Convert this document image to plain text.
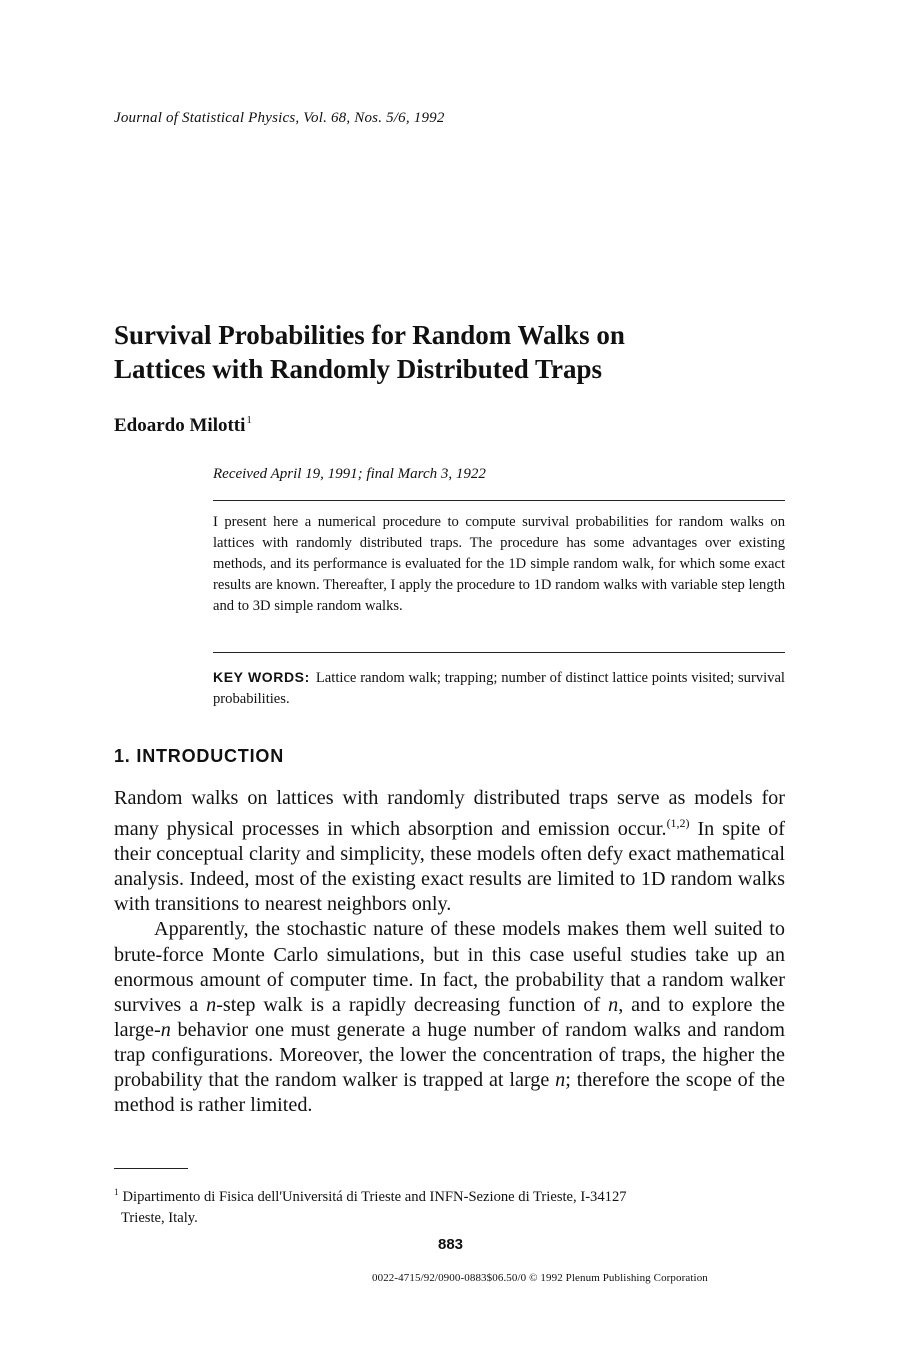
Journal of Statistical Physics, Vol. 68, Nos. 5/6, 1992
Survival Probabilities for Random Walks on
Lattices with Randomly Distributed Traps
Edoardo Milotti$^1$
Received April 19, 1991; final March 3, 1922
I present here a numerical procedure to compute survival probabilities for random walks on lattices with randomly distributed traps. The procedure has some advantages over existing methods, and its performance is evaluated for the 1D simple random walk, for which some exact results are known. Thereafter, I apply the procedure to 1D random walks with variable step length and to 3D simple random walks.
KEY WORDS: Lattice random walk; trapping; number of distinct lattice points visited; survival probabilities.
1. INTRODUCTION

Random walks on lattices with randomly distributed traps serve as models for many physical processes in which absorption and emission occur.$^{(1,2)}$ In spite of their conceptual clarity and simplicity, these models often defy exact mathematical analysis. Indeed, most of the existing exact results are limited to 1D random walks with transitions to nearest neighbors only.

Apparently, the stochastic nature of these models makes them well suited to brute-force Monte Carlo simulations, but in this case useful studies take up an enormous amount of computer time. In fact, the probability that a random walker survives a n-step walk is a rapidly decreasing function of n, and to explore the large-n behavior one must generate a huge number of random walks and random trap configurations. Moreover, the lower the concentration of traps, the higher the probability that the random walker is trapped at large n; therefore the scope of the method is rather limited.

$^1$ Dipartimento di Fisica dell'Universitá di Trieste and INFN-Sezione di Trieste, I-34127
Trieste, Italy.
883
0022-4715/92/0900-0883$06.50/0 © 1992 Plenum Publishing Corporation
